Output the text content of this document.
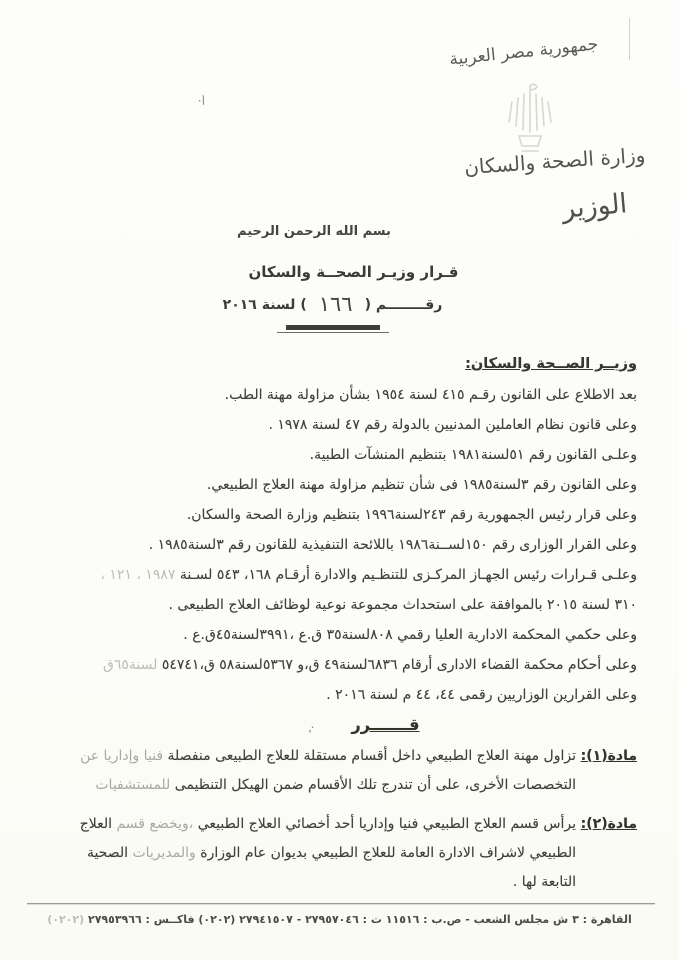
·/
جمهورية مصر العربية
وزارة الصحة والسكان
الوزير
بسم الله الرحمن الرحيم
قـرار وزيـر الصحــة والسكان
رقــــــــم (١٦٦) لسنة ٢٠١٦
وزيــر الصــحة والسكان:
بعد الاطلاع على القانون رقـم ٤١٥ لسنة ١٩٥٤ بشأن مزاولة مهنة الطب.
وعلى قانون نظام العاملين المدنيين بالدولة رقم ٤٧ لسنة ١٩٧٨ .
وعلـى القانون رقم ٥١لسنة١٩٨١ بتنظيم المنشآت الطبية.
وعلى القانون رقم ٣لسنة١٩٨٥ فى شأن تنظيم مزاولة مهنة العلاج الطبيعي.
وعلى قرار رئيس الجمهورية رقم ٢٤٣لسنة١٩٩٦ بتنظيم وزارة الصحة والسكان.
وعلى القرار الوزارى رقم ١٥٠لســنة١٩٨٦ باللائحة التنفيذية للقانون رقم ٣لسنة١٩٨٥ .
وعلـى قـرارات رئيس الجهـاز المركـزى للتنظـيم والادارة أرقـام ١٦٨، ٥٤٣ لسـنة ١٩٨٧ ، ١٢١ ،
٣١٠ لسنة ٢٠١٥ بالموافقة على استحداث مجموعة نوعية لوظائف العلاج الطبيعى .
وعلى حكمي المحكمة الادارية العليا رقمي ٨٠٨لسنة٣٥ ق.ع ،٣٩٩١لسنة٤٥ق.ع .
وعلى أحكام محكمة القضاء الادارى أرقام ٦٨٣٦لسنة٤٩ ق،و ٥٣٦٧لسنة٥٨ ق،٥٤٧٤١ لسنة٦٥ق
وعلى القرارين الوزاريين رقمى ٤٤، ٤٤ م لسنة ٢٠١٦ .
قـــــــرر
·,
مادة(١):
تزاول مهنة العلاج الطبيعي داخل أقسام مستقلة للعلاج الطبيعى منفصلة فنيا وإداريا عن التخصصات الأخرى، على أن تندرج تلك الأقسام ضمن الهيكل التنظيمى للمستشفيات
مادة(٢):
يرأس قسم العلاج الطبيعي فنيا وإداريا أحد أخصائي العلاج الطبيعي ،ويخضع قسم العلاج الطبيعي لاشراف الادارة العامة للعلاج الطبيعي بديوان عام الوزارة والمديريات الصحية التابعة لها .
القاهرة : ٣ ش مجلس الشعب - ص.ب : ١١٥١٦ ت : ٢٧٩٥٧٠٤٦ - ٢٧٩٤١٥٠٧ (٠٢٠٢) فاكــس : ٢٧٩٥٣٩٦٦ (٠٢٠٢)
